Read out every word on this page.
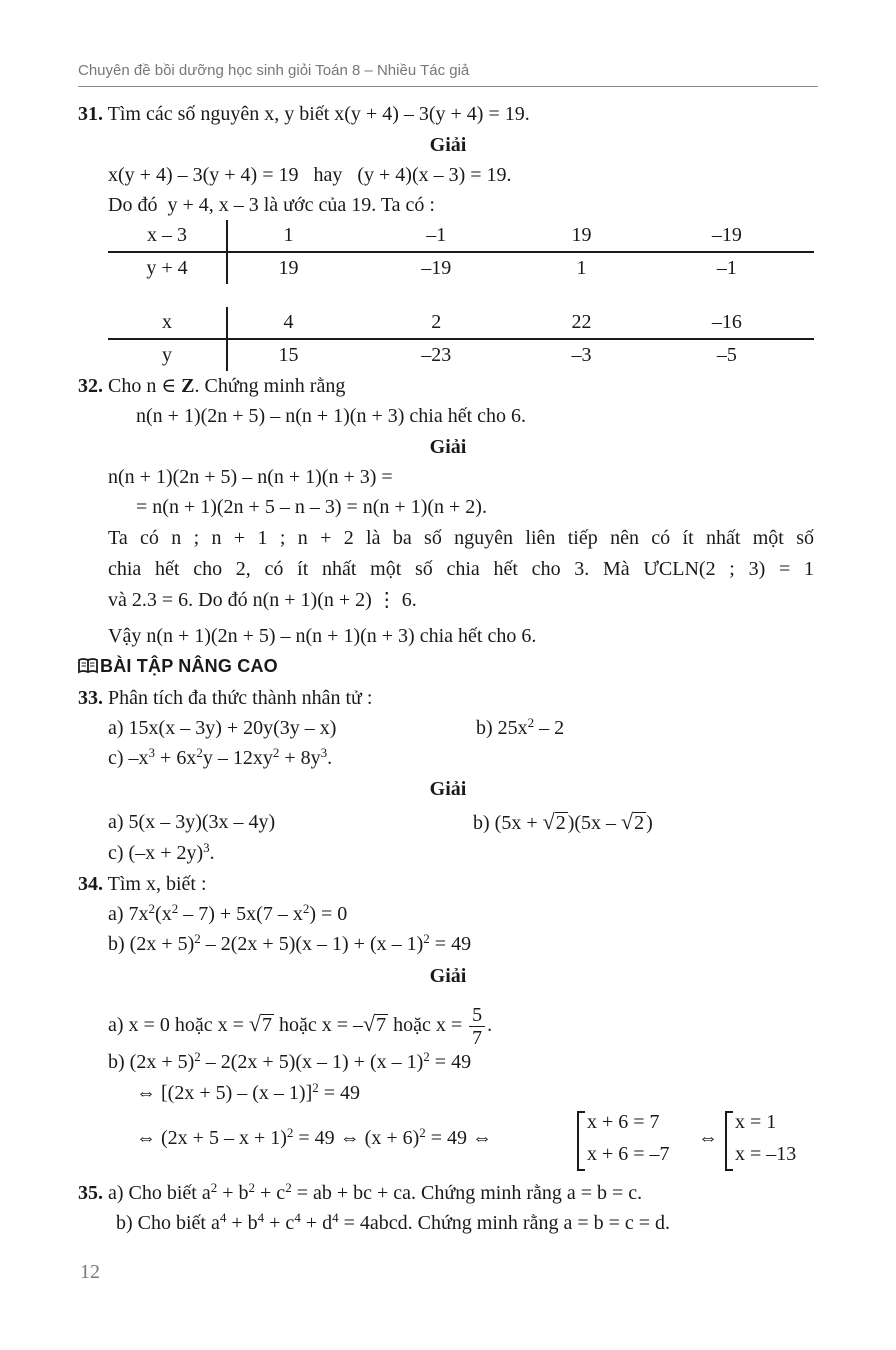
Chuyên đề bồi dưỡng học sinh giỏi Toán 8 – Nhiều Tác giả
31. Tìm các số nguyên x, y biết x(y + 4) – 3(y + 4) = 19.
Giải
x(y + 4) – 3(y + 4) = 19   hay   (y + 4)(x – 3) = 19.
Do đó  y + 4, x – 3 là ước của 19. Ta có :
x – 3	1	–1	19	–19
y + 4	19	–19	1	–1
x	4	2	22	–16
y	15	–23	–3	–5
32. Cho n ∈ Z. Chứng minh rằng
n(n + 1)(2n + 5) – n(n + 1)(n + 3) chia hết cho 6.
Giải
n(n + 1)(2n + 5) – n(n + 1)(n + 3) =
= n(n + 1)(2n + 5 – n – 3) = n(n + 1)(n + 2).
Ta có n ; n + 1 ; n + 2 là ba số nguyên liên tiếp nên có ít nhất một số
chia hết cho 2, có ít nhất một số chia hết cho 3. Mà ƯCLN(2 ; 3) = 1
và 2.3 = 6. Do đó n(n + 1)(n + 2) ⋮ 6.
Vậy n(n + 1)(2n + 5) – n(n + 1)(n + 3) chia hết cho 6.
BÀI TẬP NÂNG CAO
33. Phân tích đa thức thành nhân tử :
a) 15x(x – 3y) + 20y(3y – x)	b) $25x^2 - 2$
c) $-x^3 + 6x^2y - 12xy^2 + 8y^3$.
Giải
a) 5(x – 3y)(3x – 4y)	b) (5x + √2 )(5x – √2 )
c) $(-x + 2y)^3$.
34. Tìm x, biết :
a) $7x^2(x^2 - 7) + 5x(7 - x^2) = 0$
b) $(2x + 5)^2 - 2(2x + 5)(x - 1) + (x - 1)^2 = 49$
Giải
a) x = 0 hoặc x = √7 hoặc x = –√7 hoặc $x = \frac{5}{7}$ .
b) $(2x + 5)^2 - 2(2x + 5)(x - 1) + (x - 1)^2 = 49$
⇔ $[(2x + 5) - (x - 1)]^2 = 49$
⇔ $(2x + 5 - x + 1)^2 = 49$ ⇔ $(x + 6)^2 = 49$ ⇔
x + 6 = 7
x + 6 = –7
⇔
x = 1
x = –13
35. a) Cho biết $a^2 + b^2 + c^2$ = ab + bc + ca. Chứng minh rằng a = b = c.
b) Cho biết $a^4 + b^4 + c^4 + d^4$ = 4abcd. Chứng minh rằng a = b = c = d.
12
